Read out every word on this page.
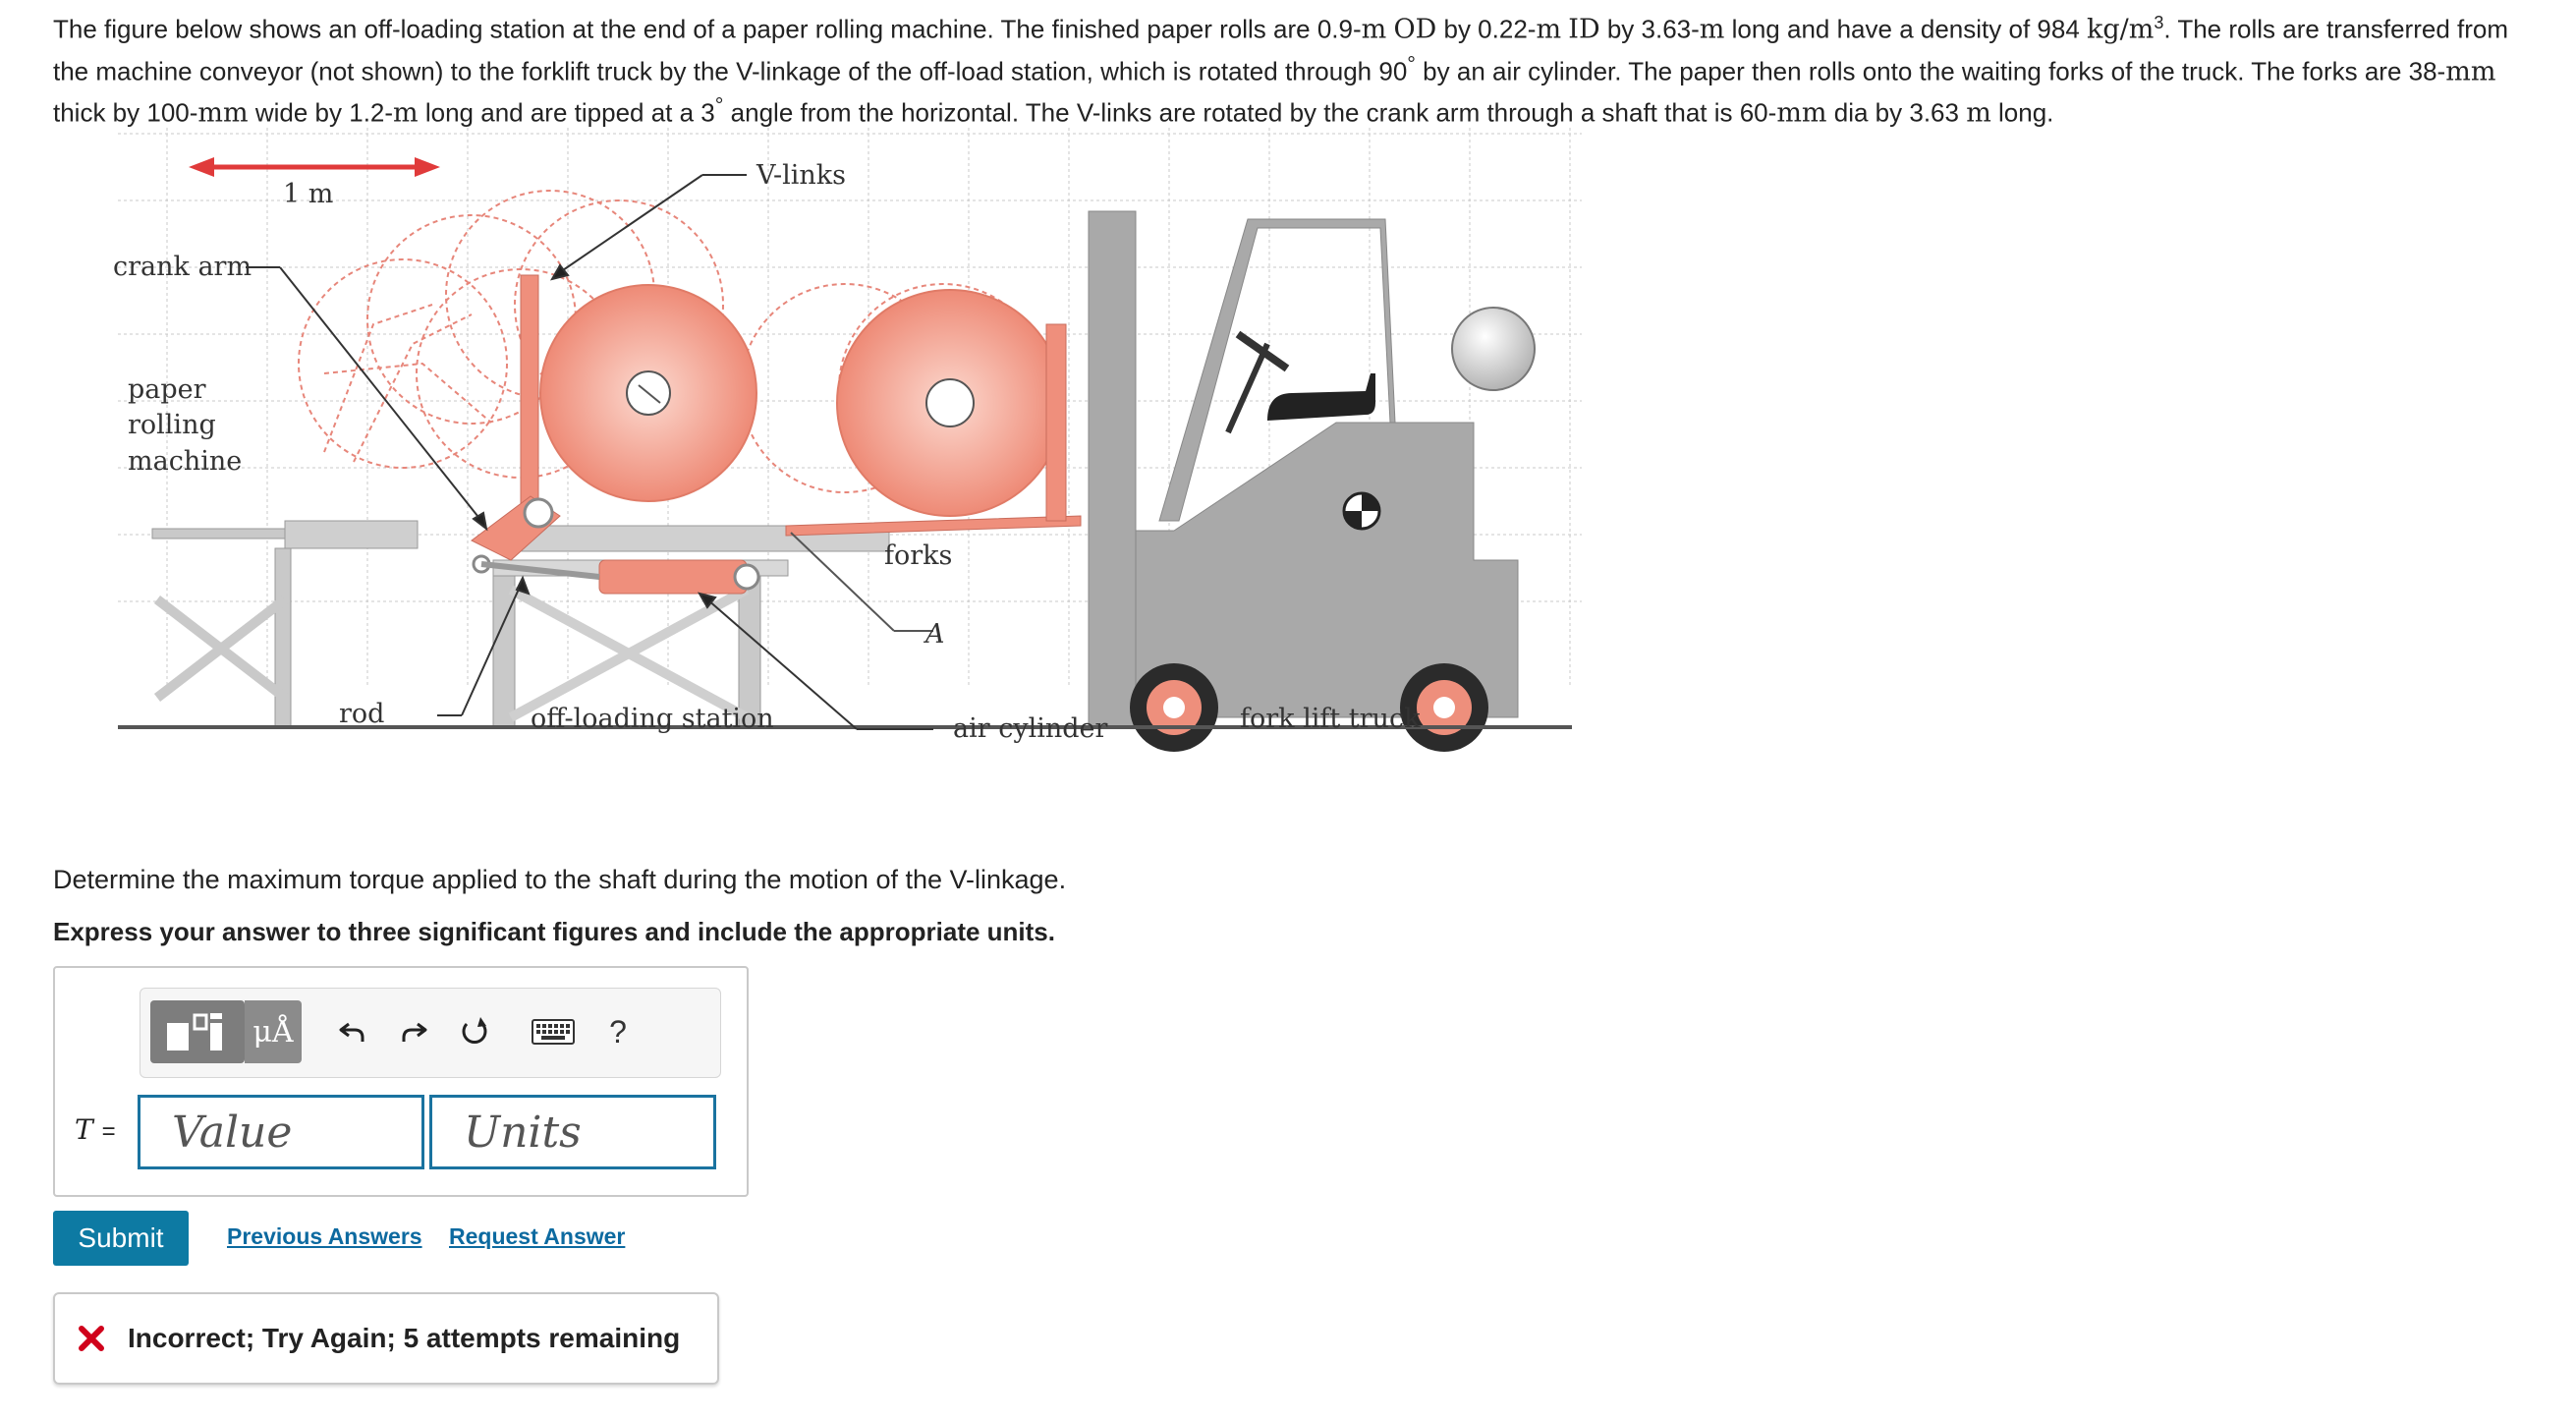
The figure below shows an off-loading station at the end of a paper rolling machine. The finished paper rolls are 0.9-m OD by 0.22-m ID by 3.63-m long and have a density of 984 $kg/m^3$. The rolls are transferred from
the machine conveyor (not shown) to the forklift truck by the V-linkage of the off-load station, which is rotated through 90° by an air cylinder. The paper then rolls onto the waiting forks of the truck. The forks are 38-mm
thick by 100-mm wide by 1.2-m long and are tipped at a 3° angle from the horizontal. The V-links are rotated by the crank arm through a shaft that is 60-mm dia by 3.63 m long.
1 m
V-links
crank arm
paper
rolling
machine
forks
A
rod	off-loading station	air cylinder	fork lift truck
Determine the maximum torque applied to the shaft during the motion of the V-linkage.
Express your answer to three significant figures and include the appropriate units.
μÅ	?
T =
Value
Units
Submit	Previous Answers Request Answer
Incorrect; Try Again; 5 attempts remaining
